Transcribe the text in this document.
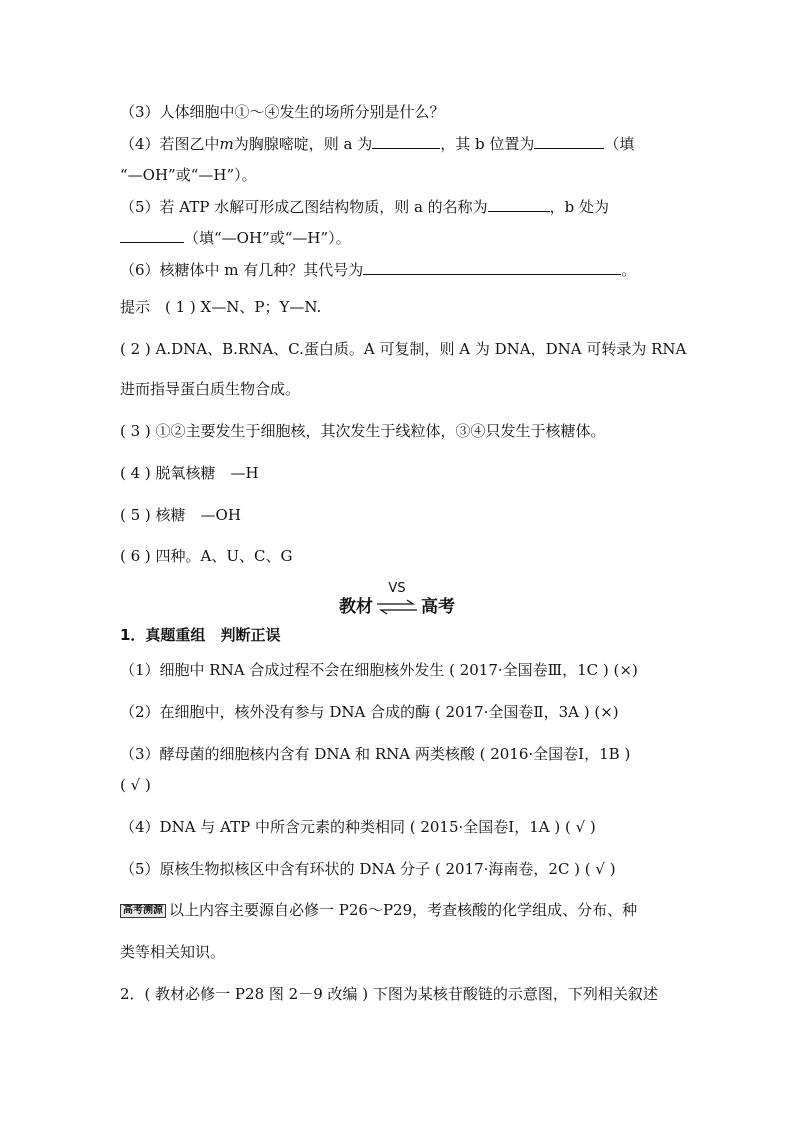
（3）人体细胞中①～④发生的场所分别是什么？
（4）若图乙中m为胸腺嘧啶，则 a 为	，其 b 位置为	（填
“—OH”或“—H”）。
（5）若 ATP 水解可形成乙图结构物质，则 a 的名称为	，b 处为
（填“—OH”或“—H”）。
（6）核糖体中 m 有几种？其代号为	。
提示　( 1 ) X—N、P；Y—N.
( 2 ) A.DNA、B.RNA、C.蛋白质。A 可复制，则 A 为 DNA，DNA 可转录为 RNA
进而指导蛋白质生物合成。
( 3 ) ①②主要发生于细胞核，其次发生于线粒体，③④只发生于核糖体。
( 4 ) 脱氧核糖　—H
( 5 ) 核糖　—OH
( 6 ) 四种。A、U、C、G
教材
VS
高考
1．真题重组　判断正误
（1）细胞中 RNA 合成过程不会在细胞核外发生 ( 2017·全国卷Ⅲ，1C ) (×)
（2）在细胞中，核外没有参与 DNA 合成的酶 ( 2017·全国卷Ⅱ，3A ) (×)
（3）酵母菌的细胞核内含有 DNA 和 RNA 两类核酸 ( 2016·全国卷Ⅰ，1B )
( √ )
（4）DNA 与 ATP 中所含元素的种类相同 ( 2015·全国卷Ⅰ，1A ) ( √ )
（5）原核生物拟核区中含有环状的 DNA 分子 ( 2017·海南卷，2C ) ( √ )
高考溯源 以上内容主要源自必修一 P26～P29，考查核酸的化学组成、分布、种
类等相关知识。
2．( 教材必修一 P28 图 2－9 改编 ) 下图为某核苷酸链的示意图，下列相关叙述
